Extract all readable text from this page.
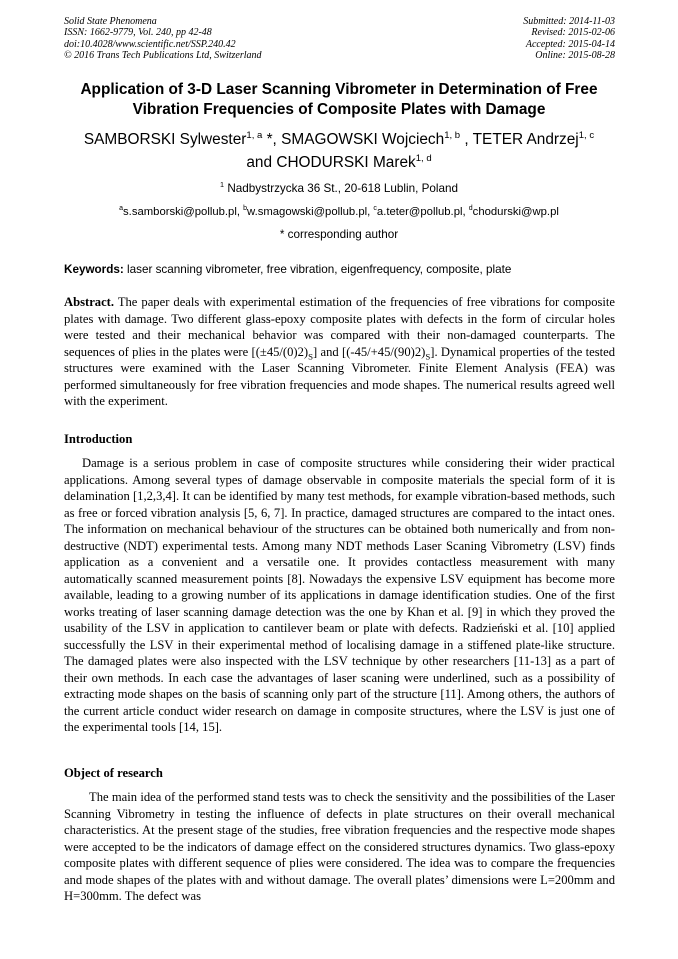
Solid State Phenomena
ISSN: 1662-9779, Vol. 240, pp 42-48
doi:10.4028/www.scientific.net/SSP.240.42
© 2016 Trans Tech Publications Ltd, Switzerland
Submitted: 2014-11-03
Revised: 2015-02-06
Accepted: 2015-04-14
Online: 2015-08-28
Application of 3-D Laser Scanning Vibrometer in Determination of Free
Vibration Frequencies of Composite Plates with Damage
SAMBORSKI Sylwester$^{1, a}$ *, SMAGOWSKI Wojciech$^{1, b}$ , TETER Andrzej$^{1, c}$
and CHODURSKI Marek$^{1, d}$
$^1$ Nadbystrzycka 36 St., 20-618 Lublin, Poland
$^a$s.samborski@pollub.pl, $^b$w.smagowski@pollub.pl, $^c$a.teter@pollub.pl, $^d$chodurski@wp.pl
* corresponding author
Keywords: laser scanning vibrometer, free vibration, eigenfrequency, composite, plate
Abstract. The paper deals with experimental estimation of the frequencies of free vibrations for composite plates with damage. Two different glass-epoxy composite plates with defects in the form of circular holes were tested and their mechanical behavior was compared with their non-damaged counterparts. The sequences of plies in the plates were $[(\pm 45/(0)2)_S]$ and $[(-45/+45/(90)2)_S]$. Dynamical properties of the tested structures were examined with the Laser Scanning Vibrometer. Finite Element Analysis (FEA) was performed simultaneously for free vibration frequencies and mode shapes. The numerical results agreed well with the experiment.
Introduction

Damage is a serious problem in case of composite structures while considering their wider practical applications. Among several types of damage observable in composite materials the special form of it is delamination [1,2,3,4]. It can be identified by many test methods, for example vibration-based methods, such as free or forced vibration analysis [5, 6, 7]. In practice, damaged structures are compared to the intact ones. The information on mechanical behaviour of the structures can be obtained both numerically and from non-destructive (NDT) experimental tests. Among many NDT methods Laser Scaning Vibrometry (LSV) finds application as a convenient and a versatile one. It provides contactless measurement with many automatically scanned measurement points [8]. Nowadays the expensive LSV equipment has become more available, leading to a growing number of its applications in damage identification studies. One of the first works treating of laser scanning damage detection was the one by Khan et al. [9] in which they proved the usability of the LSV in application to cantilever beam or plate with defects. Radzieński et al. [10] applied successfully the LSV in their experimental method of localising damage in a stiffened plate-like structure. The damaged plates were also inspected with the LSV technique by other researchers [11-13] as a part of their own methods. In each case the advantages of laser scaning were underlined, such as a possibility of extracting mode shapes on the basis of scanning only part of the structure [11]. Among others, the authors of the current article conduct wider research on damage in composite structures, where the LSV is just one of the experimental tools [14, 15].

Object of research

The main idea of the performed stand tests was to check the sensitivity and the possibilities of the Laser Scanning Vibrometry in testing the influence of defects in plate structures on their overall mechanical characteristics. At the present stage of the studies, free vibration frequencies and the respective mode shapes were accepted to be the indicators of damage effect on the considered structures dynamics. Two glass-epoxy composite plates with different sequence of plies were considered. The idea was to compare the frequencies and mode shapes of the plates with and without damage. The overall plates’ dimensions were L=200mm and H=300mm. The defect was
